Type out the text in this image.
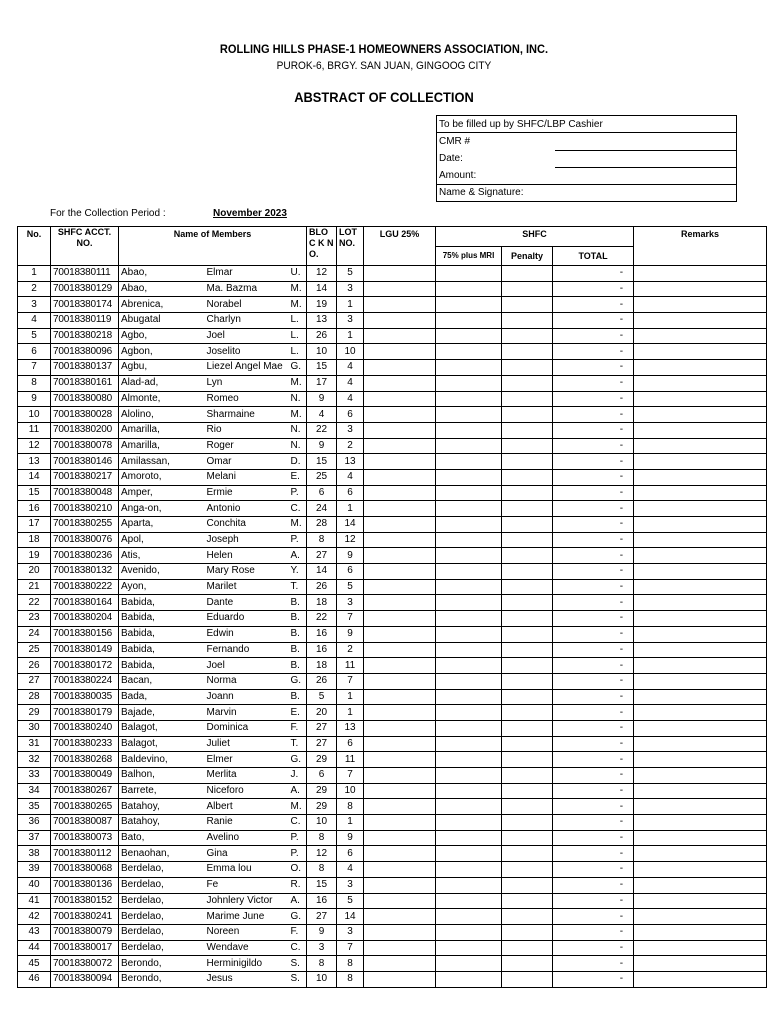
ROLLING HILLS PHASE-1 HOMEOWNERS ASSOCIATION, INC.
PUROK-6, BRGY. SAN JUAN, GINGOOG CITY
ABSTRACT OF COLLECTION
To be filled up by SHFC/LBP Cashier
CMR #
Date:
Amount:
Name & Signature:
For the Collection Period :	November 2023
No.	SHFC ACCT. NO.	Name of Members			BLOC K NO.	LOT NO.	LGU 25%	SHFC			Remarks
								75% plus MRI	Penalty	TOTAL	
1	70018380111	Abao,	Elmar	U.	12	5				-	
2	70018380129	Abao,	Ma. Bazma	M.	14	3				-	
3	70018380174	Abrenica,	Norabel	M.	19	1				-	
4	70018380119	Abugatal	Charlyn	L.	13	3				-	
5	70018380218	Agbo,	Joel	L.	26	1				-	
6	70018380096	Agbon,	Joselito	L.	10	10				-	
7	70018380137	Agbu,	Liezel Angel Mae	G.	15	4				-	
8	70018380161	Alad-ad,	Lyn	M.	17	4				-	
9	70018380080	Almonte,	Romeo	N.	9	4				-	
10	70018380028	Alolino,	Sharmaine	M.	4	6				-	
11	70018380200	Amarilla,	Rio	N.	22	3				-	
12	70018380078	Amarilla,	Roger	N.	9	2				-	
13	70018380146	Amilassan,	Omar	D.	15	13				-	
14	70018380217	Amoroto,	Melani	E.	25	4				-	
15	70018380048	Amper,	Ermie	P.	6	6				-	
16	70018380210	Anga-on,	Antonio	C.	24	1				-	
17	70018380255	Aparta,	Conchita	M.	28	14				-	
18	70018380076	Apol,	Joseph	P.	8	12				-	
19	70018380236	Atis,	Helen	A.	27	9				-	
20	70018380132	Avenido,	Mary Rose	Y.	14	6				-	
21	70018380222	Ayon,	Marilet	T.	26	5				-	
22	70018380164	Babida,	Dante	B.	18	3				-	
23	70018380204	Babida,	Eduardo	B.	22	7				-	
24	70018380156	Babida,	Edwin	B.	16	9				-	
25	70018380149	Babida,	Fernando	B.	16	2				-	
26	70018380172	Babida,	Joel	B.	18	11				-	
27	70018380224	Bacan,	Norma	G.	26	7				-	
28	70018380035	Bada,	Joann	B.	5	1				-	
29	70018380179	Bajade,	Marvin	E.	20	1				-	
30	70018380240	Balagot,	Dominica	F.	27	13				-	
31	70018380233	Balagot,	Juliet	T.	27	6				-	
32	70018380268	Baldevino,	Elmer	G.	29	11				-	
33	70018380049	Balhon,	Merlita	J.	6	7				-	
34	70018380267	Barrete,	Niceforo	A.	29	10				-	
35	70018380265	Batahoy,	Albert	M.	29	8				-	
36	70018380087	Batahoy,	Ranie	C.	10	1				-	
37	70018380073	Bato,	Avelino	P.	8	9				-	
38	70018380112	Benaohan,	Gina	P.	12	6				-	
39	70018380068	Berdelao,	Emma lou	O.	8	4				-	
40	70018380136	Berdelao,	Fe	R.	15	3				-	
41	70018380152	Berdelao,	Johnlery Victor	A.	16	5				-	
42	70018380241	Berdelao,	Marime June	G.	27	14				-	
43	70018380079	Berdelao,	Noreen	F.	9	3				-	
44	70018380017	Berdelao,	Wendave	C.	3	7				-	
45	70018380072	Berondo,	Herminigildo	S.	8	8				-	
46	70018380094	Berondo,	Jesus	S.	10	8				-	
